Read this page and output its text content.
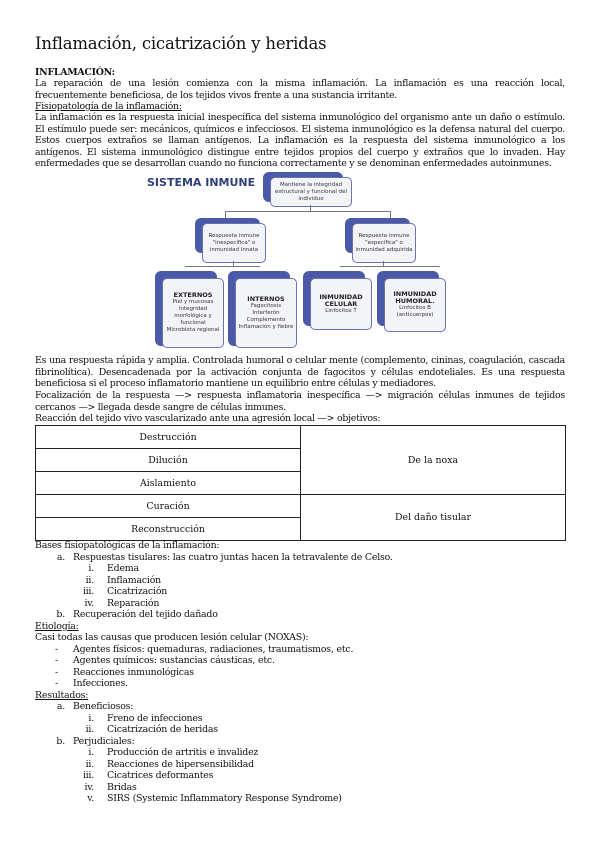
Inflamación, cicatrización y heridas
INFLAMACIÓN:
La reparación de una lesión comienza con la misma inflamación. La inflamación es una reacción local, frecuentemente beneficiosa, de los tejidos vivos frente a una sustancia irritante.
Fisiopatología de la inflamación:
La inflamación es la respuesta inicial inespecífica del sistema inmunológico del organismo ante un daño o estímulo. El estímulo puede ser: mecánicos, químicos e infecciosos. El sistema inmunológico es la defensa natural del cuerpo. Estos cuerpos extraños se llaman antígenos. La inflamación es la respuesta del sistema inmunológico a los antígenos. El sistema inmunológico distingue entre tejidos propios del cuerpo y extraños que lo invaden. Hay enfermedades que se desarrollan cuando no funciona correctamente y se denominan enfermedades autoinmunes.
SISTEMA INMUNE	Mantiene la integridad estructural y funcional del individuo
Respuesta inmune "inespecífica" o inmunidad innata
Respuesta inmune "específica" o inmunidad adquirida
EXTERNOS
Piel y mucosas
Integridad morfológica y funcional
Microbiota regional
INTERNOS
Fagocitosis
Interferón
Complemento
Inflamación y fiebre
INMUNIDAD CELULAR
Linfocitos T
INMUNIDAD HUMORAL.
Linfocitos B (anticuerpos)
Es una respuesta rápida y amplia. Controlada humoral o celular mente (complemento, cininas, coagulación, cascada fibrinolítica). Desencadenada por la activación conjunta de fagocitos y células endoteliales. Es una respuesta beneficiosa si el proceso inflamatorio mantiene un equilibrio entre células y mediadores.
Focalización de la respuesta —> respuesta inflamatoria inespecífica —> migración células inmunes de tejidos cercanos —> llegada desde sangre de células inmunes.
Reacción del tejido vivo vascularizado ante una agresión local —> objetivos:
Destrucción	De la noxa
Dilución	
Aislamiento	
Curación	Del daño tisular
Reconstrucción	
Bases fisiopatológicas de la inflamación:
a. Respuestas tisulares: las cuatro juntas hacen la tetravalente de Celso.
i. Edema
ii. Inflamación
iii. Cicatrización
iv. Reparación
b. Recuperación del tejido dañado
Etiología:
Casi todas las causas que producen lesión celular (NOXAS):
- Agentes físicos: quemaduras, radiaciones, traumatismos, etc.
- Agentes químicos: sustancias cáusticas, etc.
- Reacciones inmunológicas
- Infecciones.
Resultados:
a. Beneficiosos:
i. Freno de infecciones
ii. Cicatrización de heridas
b. Perjudiciales:
i. Producción de artritis e invalidez
ii. Reacciones de hipersensibilidad
iii. Cicatrices deformantes
iv. Bridas
v. SIRS (Systemic Inflammatory Response Syndrome)
